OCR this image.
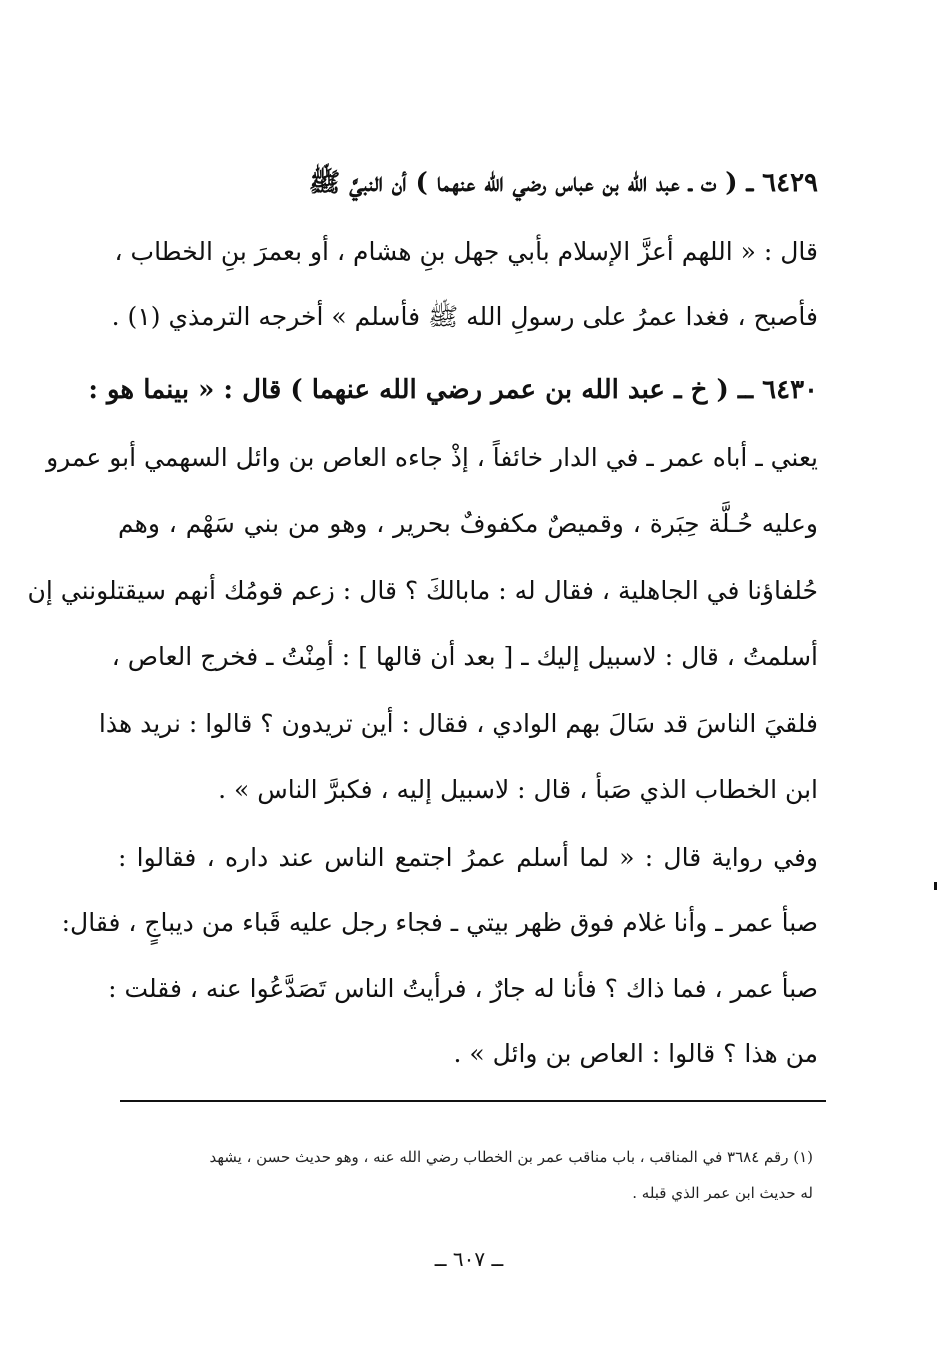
٦٤٢٩ ــ ( ت ـ عبد الله بن عباس رضي الله عنهما ) أن النبيَّ ﷺ
قال : « اللهم أعزَّ الإسلام بأبي جهل بنِ هشام ، أو بعمرَ بنِ الخطاب ،
فأصبح ، فغدا عمرُ على رسولِ الله ﷺ فأسلم » أخرجه الترمذي (١) .
٦٤٣٠ ــ ( خ ـ عبد الله بن عمر رضي الله عنهما ) قال : « بينما هو :
يعني ـ أباه عمر ـ في الدار خائفاً ، إذْ جاءه العاص بن وائل السهمي أبو عمرو
وعليه حُـلَّة حِبَرة ، وقميصٌ مكفوفٌ بحرير ، وهو من بني سَهْم ، وهم
حُلفاؤنا في الجاهلية ، فقال له : مابالكَ ؟ قال : زعم قومُك أنهم سيقتلونني إن
أسلمتُ ، قال : لاسبيل إليك ـ [ بعد أن قالها ] : أمِنْتُ ـ فخرج العاص ،
فلقيَ الناسَ قد سَالَ بهم الوادي ، فقال : أين تريدون ؟ قالوا : نريد هذا
ابن الخطاب الذي صَبأ ، قال : لاسبيل إليه ، فكبرَّ الناس » .
وفي رواية قال : « لما أسلم عمرُ اجتمع الناس عند داره ، فقالوا :
صبأ عمر ـ وأنا غلام فوق ظهر بيتي ـ فجاء رجل عليه قَباء من ديباجٍ ، فقال:
صبأ عمر ، فما ذاك ؟ فأنا له جارٌ ، فرأيتُ الناس تَصَدَّعُوا عنه ، فقلت :
من هذا ؟ قالوا : العاص بن وائل » .
(١) رقم ٣٦٨٤ في المناقب ، باب مناقب عمر بن الخطاب رضي الله عنه ، وهو حديث حسن ، يشهد
له حديث ابن عمر الذي قبله .
ــ ٦٠٧ ــ
